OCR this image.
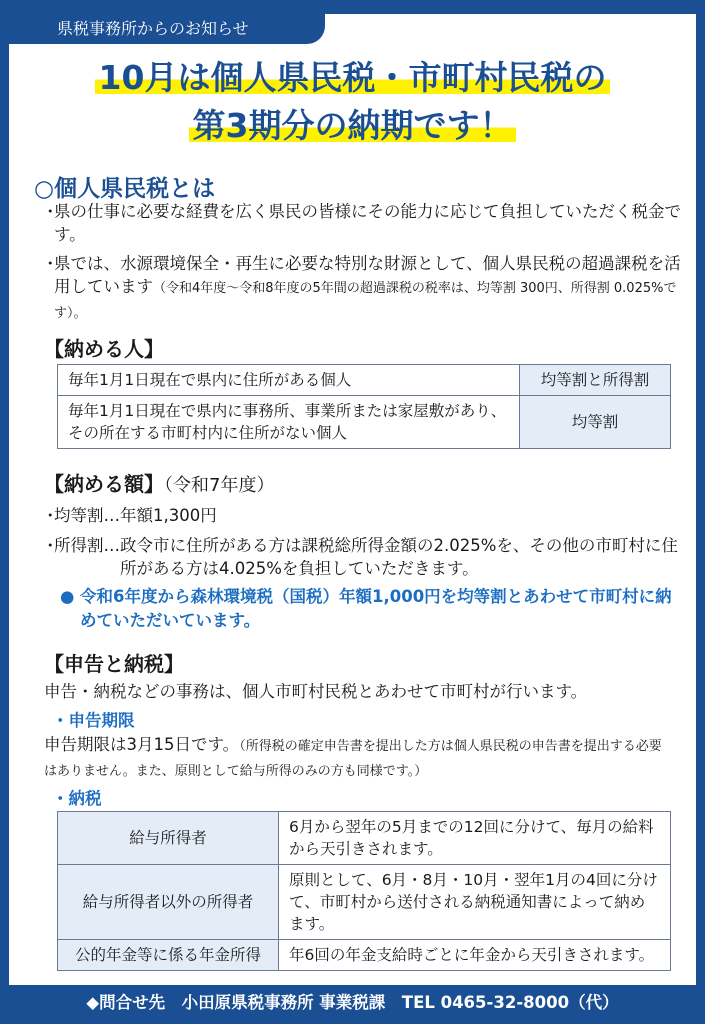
県税事務所からのお知らせ
10月は個人県民税・市町村民税の
第3期分の納期です！
○個人県民税とは
・
県の仕事に必要な経費を広く県民の皆様にその能力に応じて負担していただく税金です。
・
県では、水源環境保全・再生に必要な特別な財源として、個人県民税の超過課税を活用しています（令和4年度〜令和8年度の5年間の超過課税の税率は、均等割 300円、所得割 0.025%です）。
【納める人】
毎年1月1日現在で県内に住所がある個人	均等割と所得割
毎年1月1日現在で県内に事務所、事業所または家屋敷があり、その所在する市町村内に住所がない個人	均等割
【納める額】（令和7年度）
・
均等割…年額1,300円
・
所得割… 政令市に住所がある方は課税総所得金額の2.025%を、その他の市町村に住所がある方は4.025%を負担していただきます。
● 令和6年度から森林環境税（国税）年額1,000円を均等割とあわせて市町村に納めていただいています。
【申告と納税】
申告・納税などの事務は、個人市町村民税とあわせて市町村が行います。
・申告期限
申告期限は3月15日です。（所得税の確定申告書を提出した方は個人県民税の申告書を提出する必要はありません。また、原則として給与所得のみの方も同様です。）
・納税
給与所得者	6月から翌年の5月までの12回に分けて、毎月の給料から天引きされます。
給与所得者以外の所得者	原則として、6月・8月・10月・翌年1月の4回に分けて、市町村から送付される納税通知書によって納めます。
公的年金等に係る年金所得	年6回の年金支給時ごとに年金から天引きされます。
◆問合せ先　小田原県税事務所 事業税課　TEL 0465-32-8000（代）
